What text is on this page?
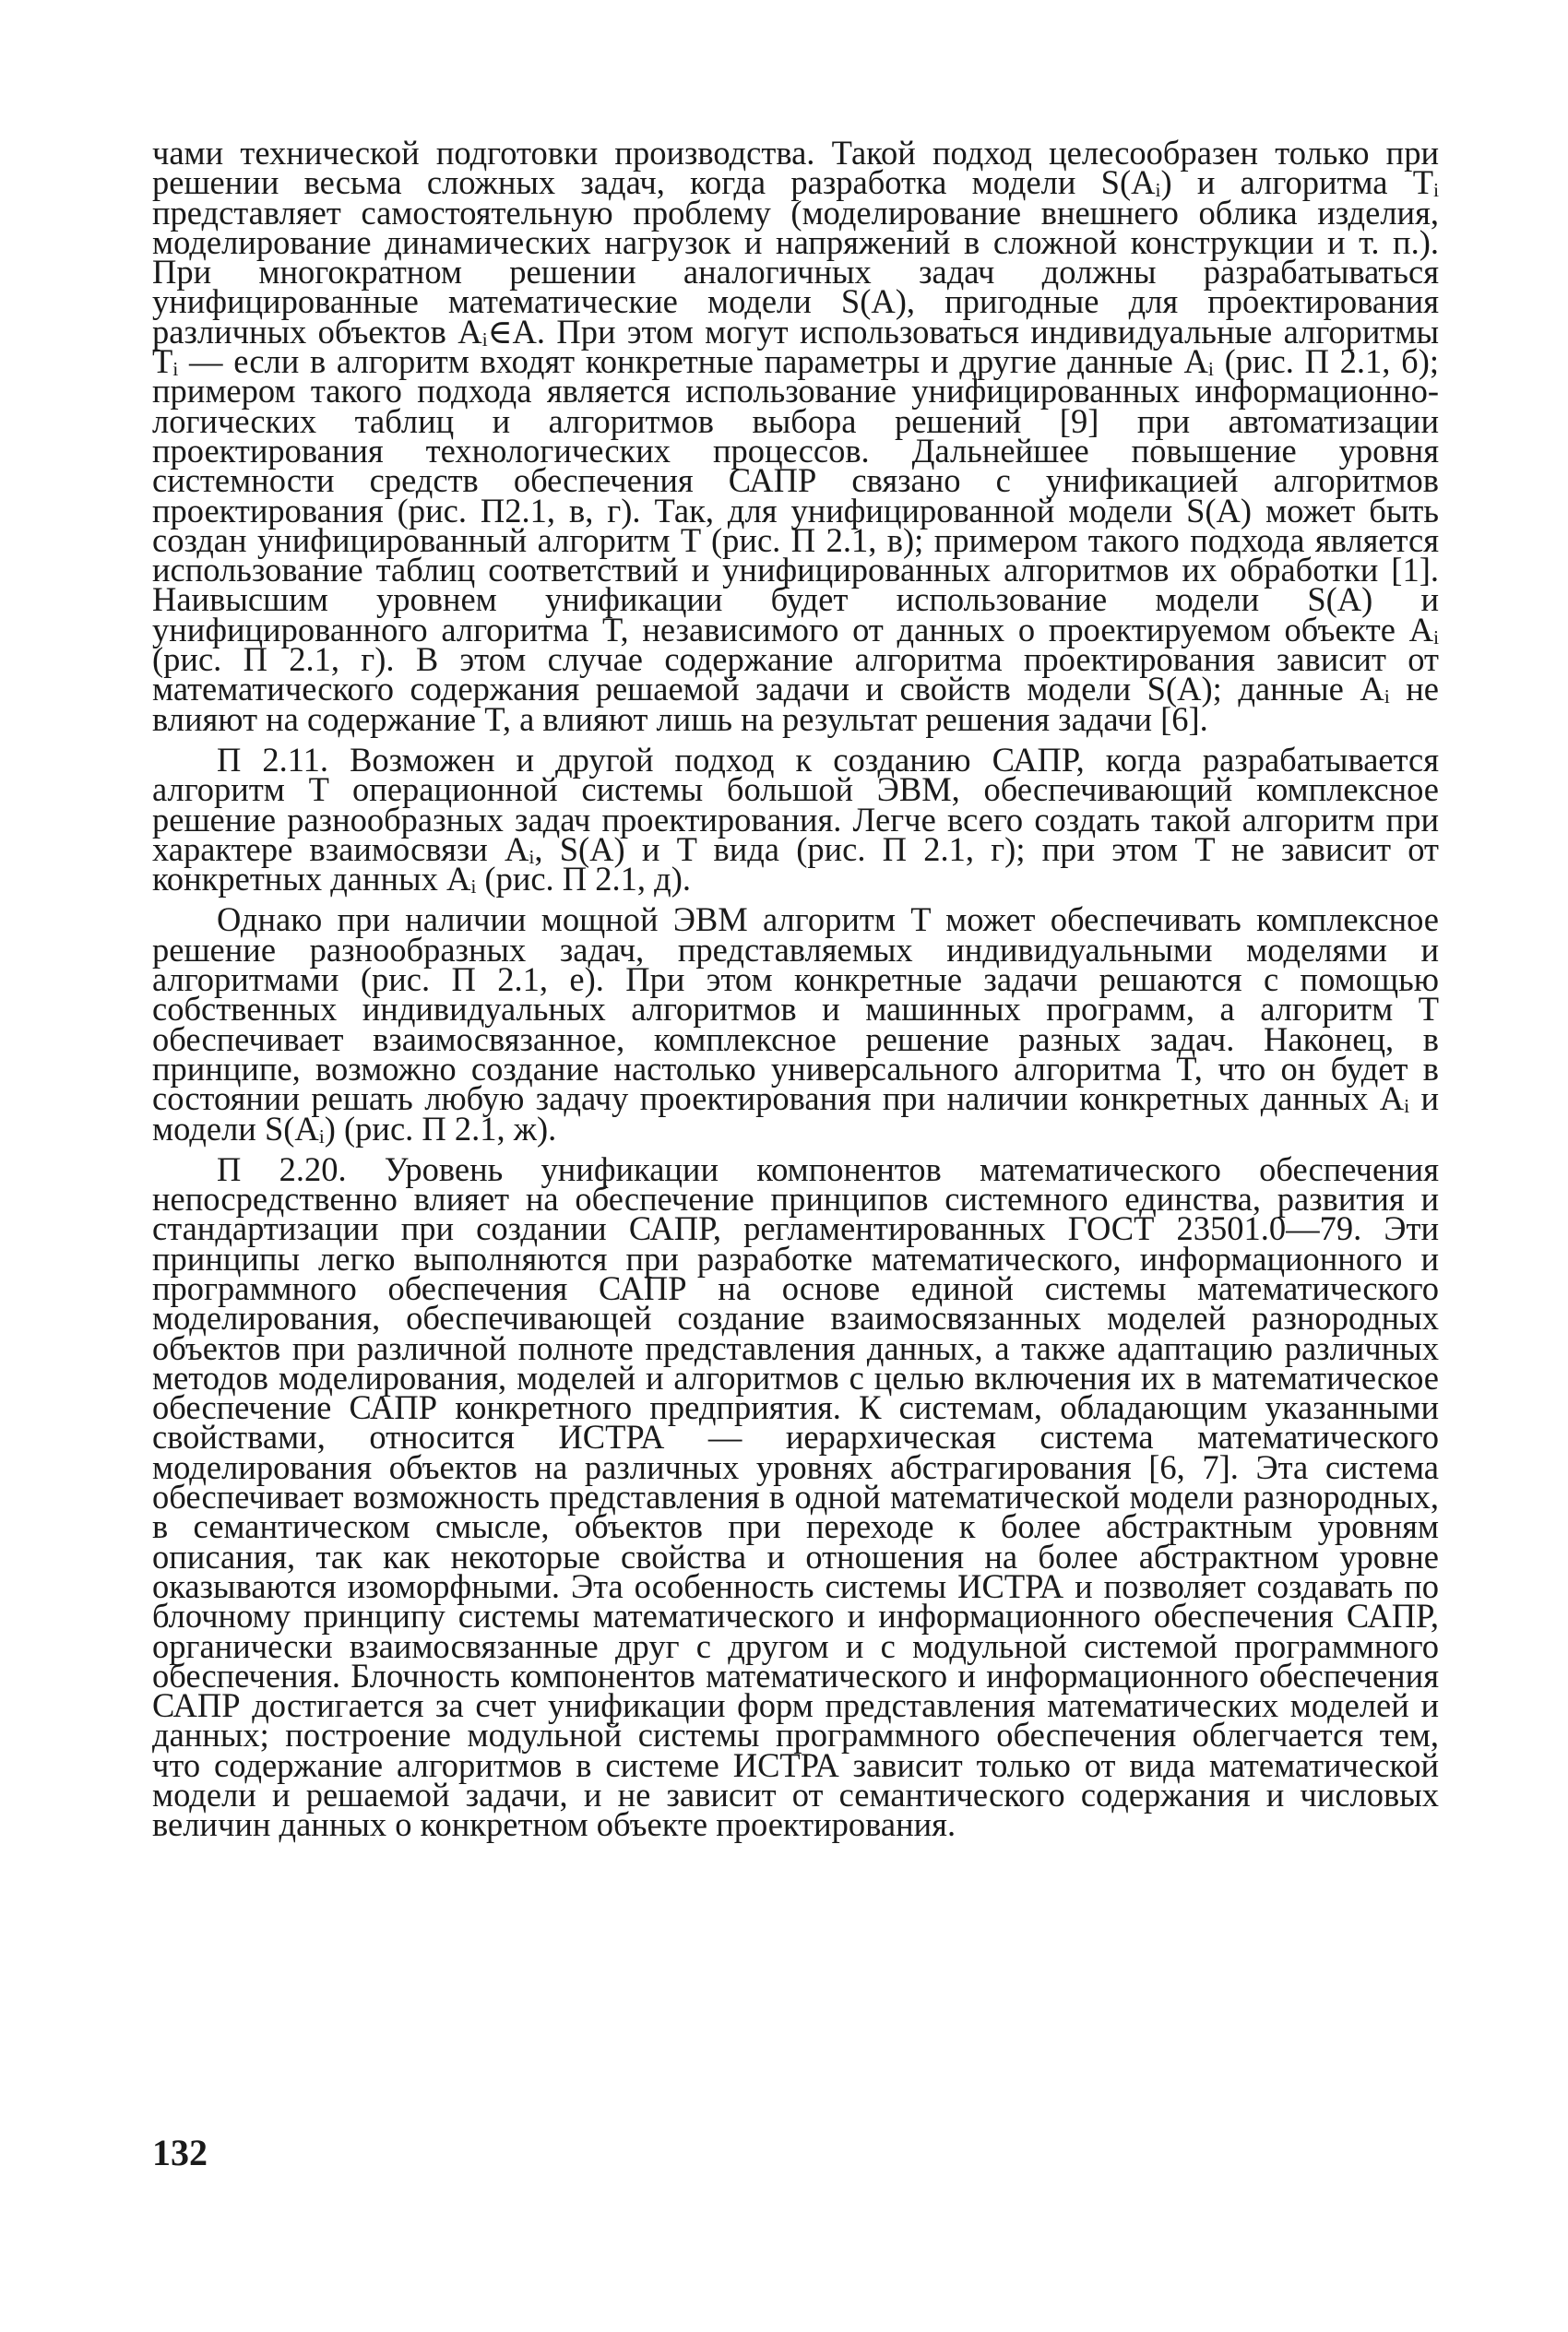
чами технической подготовки производства. Такой подход целесообразен только при решении весьма сложных задач, когда разработка модели S(Aᵢ) и алгоритма Tᵢ представляет самостоятельную проблему (моделирование внешнего облика изделия, моделирование динамических нагрузок и напряжений в сложной конструкции и т. п.). При многократном решении аналогичных задач должны разрабатываться унифицированные математические модели S(A), пригодные для проектирования различных объектов Aᵢ∈A. При этом могут использоваться индивидуальные алгоритмы Tᵢ — если в алгоритм входят конкретные параметры и другие данные Aᵢ (рис. П 2.1, б); примером такого подхода является использование унифицированных информационно-логических таблиц и алгоритмов выбора решений [9] при автоматизации проектирования технологических процессов. Дальнейшее повышение уровня системности средств обеспечения САПР связано с унификацией алгоритмов проектирования (рис. П2.1, в, г). Так, для унифицированной модели S(A) может быть создан унифицированный алгоритм T (рис. П 2.1, в); примером такого подхода является использование таблиц соответствий и унифицированных алгоритмов их обработки [1]. Наивысшим уровнем унификации будет использование модели S(A) и унифицированного алгоритма T, независимого от данных о проектируемом объекте Aᵢ (рис. П 2.1, г). В этом случае содержание алгоритма проектирования зависит от математического содержания решаемой задачи и свойств модели S(A); данные Aᵢ не влияют на содержание T, а влияют лишь на результат решения задачи [6].

П 2.11. Возможен и другой подход к созданию САПР, когда разрабатывается алгоритм T операционной системы большой ЭВМ, обеспечивающий комплексное решение разнообразных задач проектирования. Легче всего создать такой алгоритм при характере взаимосвязи Aᵢ, S(A) и T вида (рис. П 2.1, г); при этом T не зависит от конкретных данных Aᵢ (рис. П 2.1, д).

Однако при наличии мощной ЭВМ алгоритм T может обеспечивать комплексное решение разнообразных задач, представляемых индивидуальными моделями и алгоритмами (рис. П 2.1, е). При этом конкретные задачи решаются с помощью собственных индивидуальных алгоритмов и машинных программ, а алгоритм T обеспечивает взаимосвязанное, комплексное решение разных задач. Наконец, в принципе, возможно создание настолько универсального алгоритма T, что он будет в состоянии решать любую задачу проектирования при наличии конкретных данных Aᵢ и модели S(Aᵢ) (рис. П 2.1, ж).

П 2.20. Уровень унификации компонентов математического обеспечения непосредственно влияет на обеспечение принципов системного единства, развития и стандартизации при создании САПР, регламентированных ГОСТ 23501.0—79. Эти принципы легко выполняются при разработке математического, информационного и программного обеспечения САПР на основе единой системы математического моделирования, обеспечивающей создание взаимосвязанных моделей разнородных объектов при различной полноте представления данных, а также адаптацию различных методов моделирования, моделей и алгоритмов с целью включения их в математическое обеспечение САПР конкретного предприятия. К системам, обладающим указанными свойствами, относится ИСТРА — иерархическая система математического моделирования объектов на различных уровнях абстрагирования [6, 7]. Эта система обеспечивает возможность представления в одной математической модели разнородных, в семантическом смысле, объектов при переходе к более абстрактным уровням описания, так как некоторые свойства и отношения на более абстрактном уровне оказываются изоморфными. Эта особенность системы ИСТРА и позволяет создавать по блочному принципу системы математического и информационного обеспечения САПР, органически взаимосвязанные друг с другом и с модульной системой программного обеспечения. Блочность компонентов математического и информационного обеспечения САПР достигается за счет унификации форм представления математических моделей и данных; построение модульной системы программного обеспечения облегчается тем, что содержание алгоритмов в системе ИСТРА зависит только от вида математической модели и решаемой задачи, и не зависит от семантического содержания и числовых величин данных о конкретном объекте проектирования.

132
